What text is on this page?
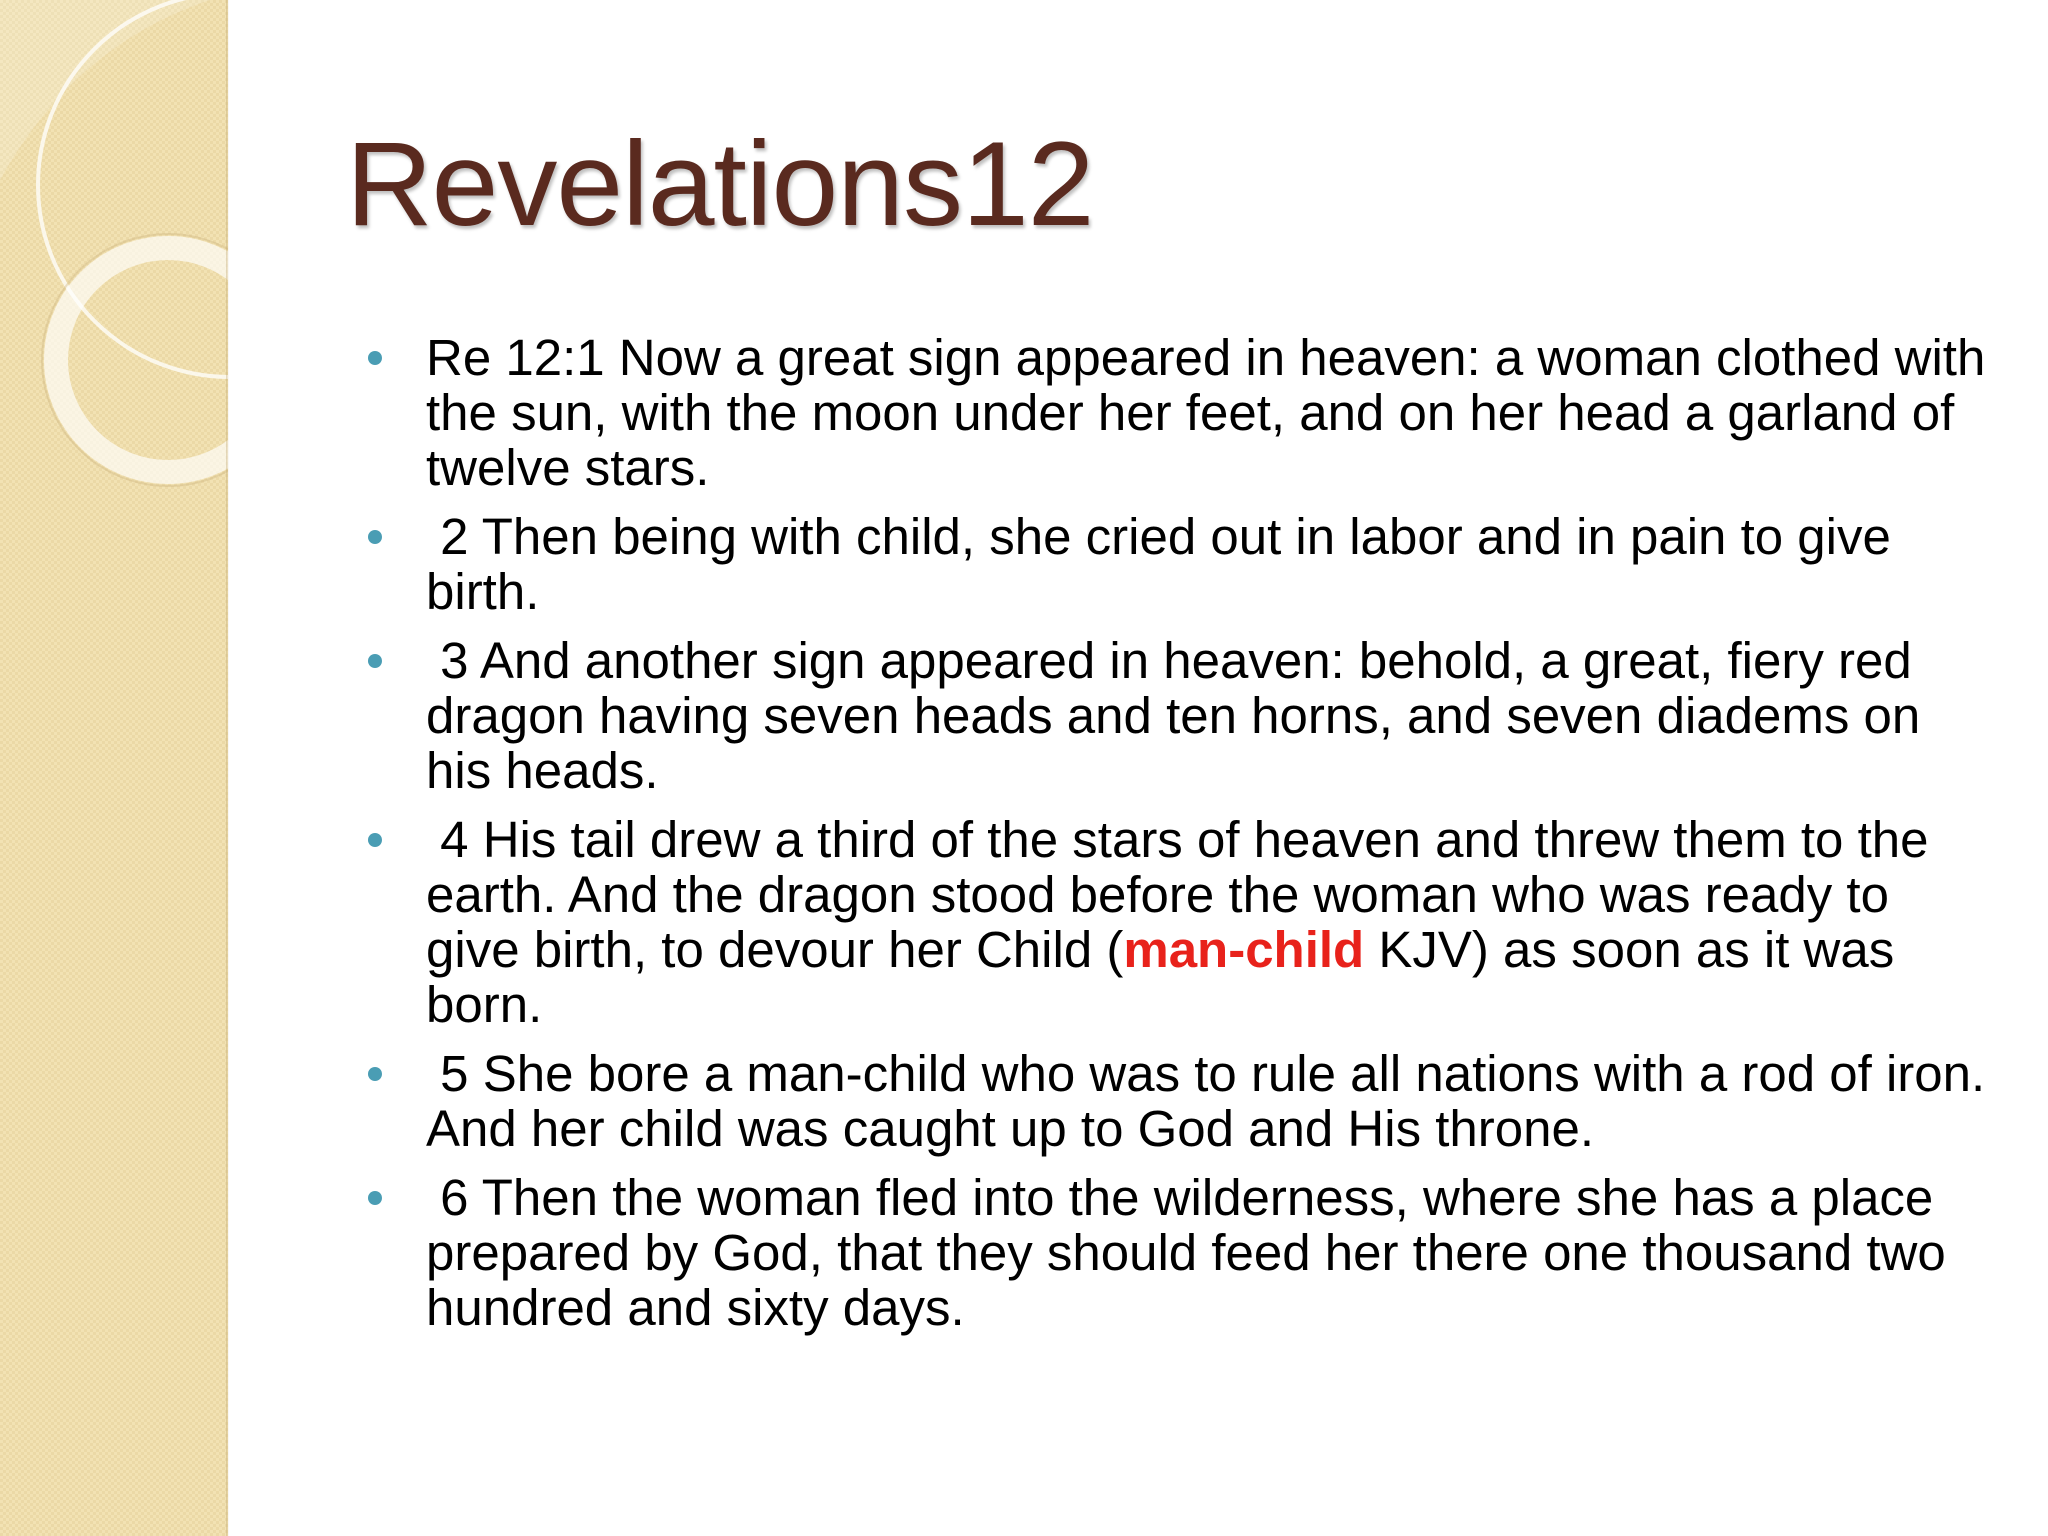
Revelations12
Re 12:1 Now a great sign appeared in heaven: a woman clothed with the sun, with the moon under her feet, and on her head a garland of twelve stars.
2 Then being with child, she cried out in labor and in pain to give birth.
3 And another sign appeared in heaven: behold, a great, fiery red dragon having seven heads and ten horns, and seven diadems on his heads.
4 His tail drew a third of the stars of heaven and threw them to the earth. And the dragon stood before the woman who was ready to give birth, to devour her Child (man-child KJV) as soon as it was born.
5 She bore a man-child who was to rule all nations with a rod of iron. And her child was caught up to God and His throne.
6 Then the woman fled into the wilderness, where she has a place prepared by God, that they should feed her there one thousand two hundred and sixty days.
